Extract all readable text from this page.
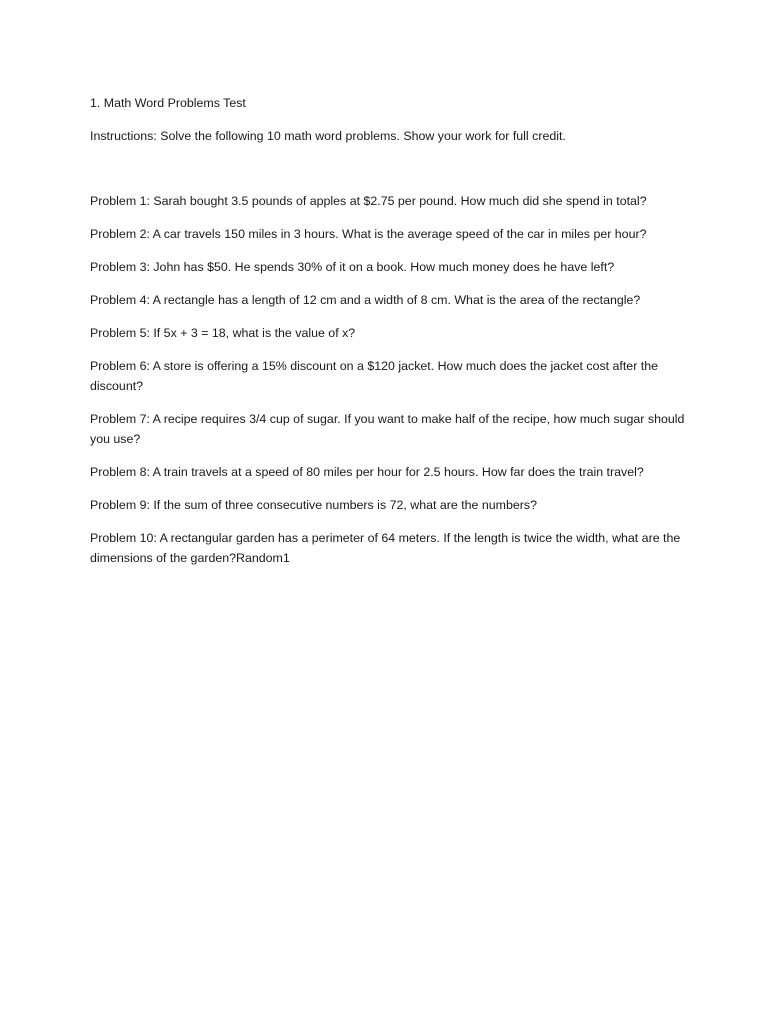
1. Math Word Problems Test

Instructions: Solve the following 10 math word problems. Show your work for full credit.

Problem 1: Sarah bought 3.5 pounds of apples at $2.75 per pound. How much did she spend in total?

Problem 2: A car travels 150 miles in 3 hours. What is the average speed of the car in miles per hour?

Problem 3: John has $50. He spends 30% of it on a book. How much money does he have left?

Problem 4: A rectangle has a length of 12 cm and a width of 8 cm. What is the area of the rectangle?

Problem 5: If 5x + 3 = 18, what is the value of x?

Problem 6: A store is offering a 15% discount on a $120 jacket. How much does the jacket cost after the discount?

Problem 7: A recipe requires 3/4 cup of sugar. If you want to make half of the recipe, how much sugar should you use?

Problem 8: A train travels at a speed of 80 miles per hour for 2.5 hours. How far does the train travel?

Problem 9: If the sum of three consecutive numbers is 72, what are the numbers?

Problem 10: A rectangular garden has a perimeter of 64 meters. If the length is twice the width, what are the dimensions of the garden?Random1
